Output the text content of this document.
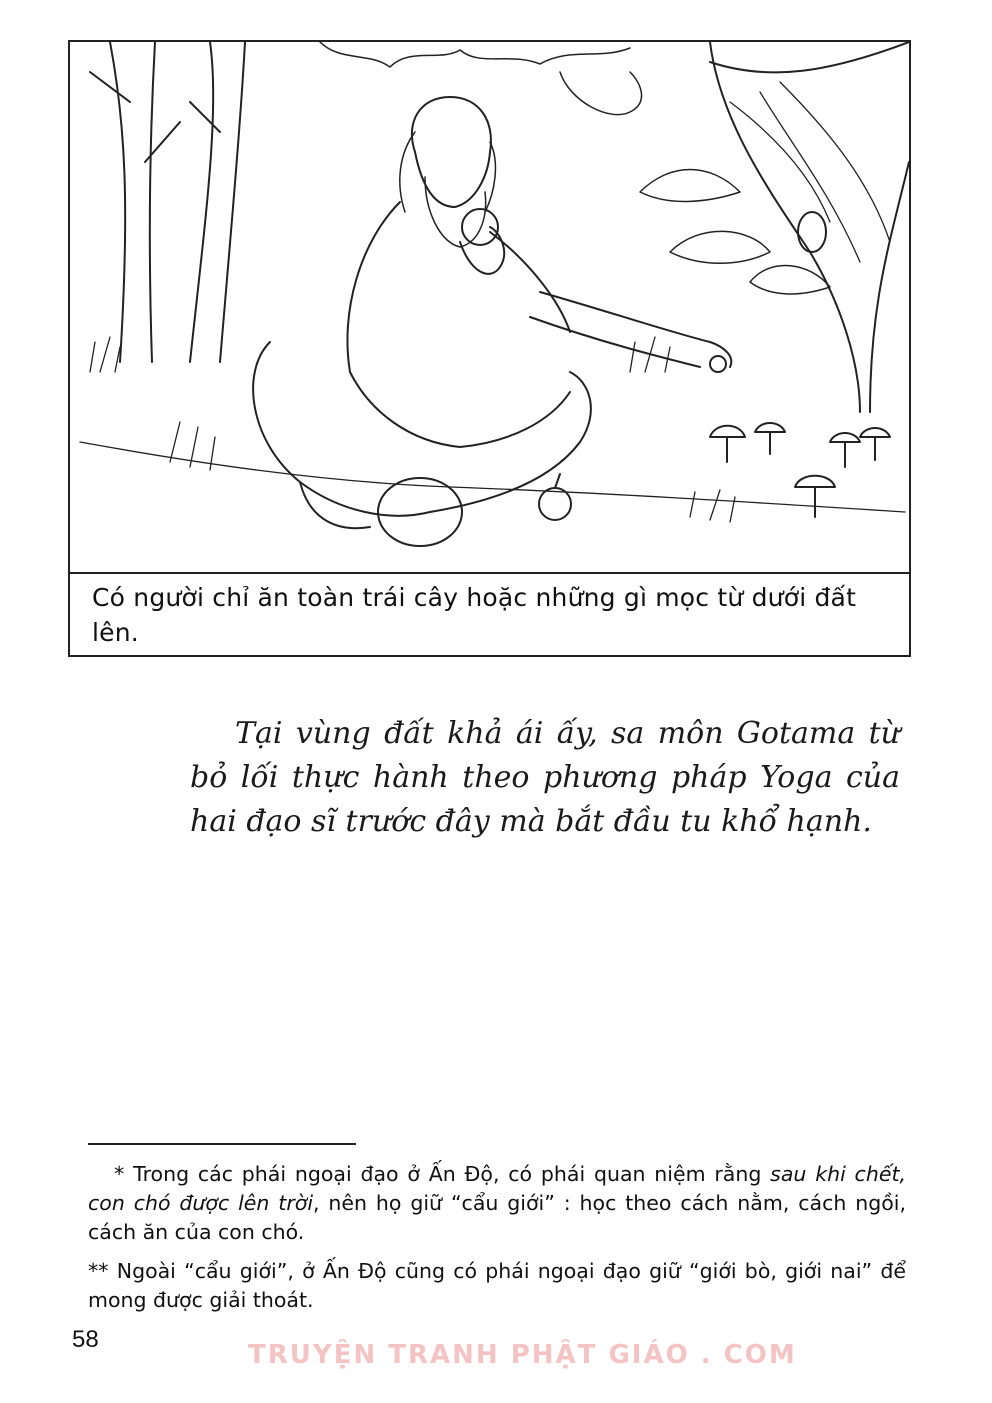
Có người chỉ ăn toàn trái cây hoặc những gì mọc từ dưới đất lên.
Tại vùng đất khả ái ấy, sa môn Gotama từ bỏ lối thực hành theo phương pháp Yoga của hai đạo sĩ trước đây mà bắt đầu tu khổ hạnh.
* Trong các phái ngoại đạo ở Ấn Độ, có phái quan niệm rằng sau khi chết, con chó được lên trời, nên họ giữ “cẩu giới” : học theo cách nằm, cách ngồi, cách ăn của con chó.
** Ngoài “cẩu giới”, ở Ấn Độ cũng có phái ngoại đạo giữ “giới bò, giới nai” để mong được giải thoát.
58
TRUYỆN TRANH PHẬT GIÁO . COM
